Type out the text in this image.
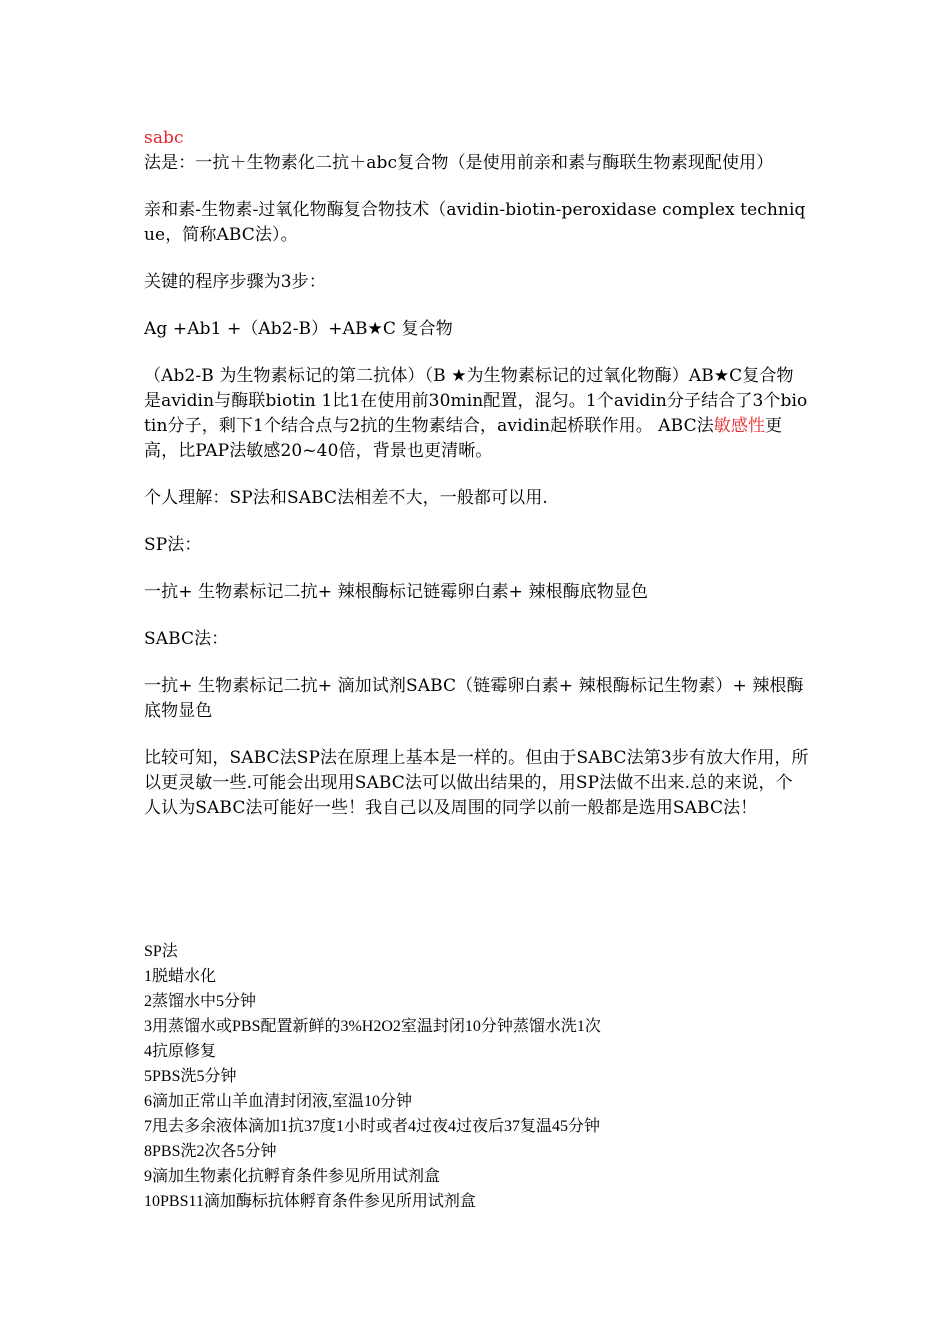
sabc法是：一抗＋生物素化二抗＋abc复合物（是使用前亲和素与酶联生物素现配使用）

亲和素-生物素-过氧化物酶复合物技术（avidin-biotin-peroxidase complex technique，简称ABC法）。

关键的程序步骤为3步：

Ag +Ab1 +（Ab2-B）+AB★C 复合物

（Ab2-B 为生物素标记的第二抗体）（B ★为生物素标记的过氧化物酶）AB★C复合物是avidin与酶联biotin 1比1在使用前30min配置，混匀。1个avidin分子结合了3个biotin分子，剩下1个结合点与2抗的生物素结合，avidin起桥联作用。 ABC法敏感性更高，比PAP法敏感20~40倍，背景也更清晰。

个人理解：SP法和SABC法相差不大，一般都可以用.

SP法：

一抗+ 生物素标记二抗+ 辣根酶标记链霉卵白素+ 辣根酶底物显色

SABC法：

一抗+ 生物素标记二抗+ 滴加试剂SABC（链霉卵白素+ 辣根酶标记生物素）+ 辣根酶底物显色

比较可知，SABC法SP法在原理上基本是一样的。但由于SABC法第3步有放大作用，所以更灵敏一些.可能会出现用SABC法可以做出结果的，用SP法做不出来.总的来说，个人认为SABC法可能好一些！我自己以及周围的同学以前一般都是选用SABC法！

SP法
1脱蜡水化
2蒸馏水中5分钟
3用蒸馏水或PBS配置新鲜的3%H2O2室温封闭10分钟蒸馏水洗1次
4抗原修复
5PBS洗5分钟
6滴加正常山羊血清封闭液,室温10分钟
7甩去多余液体滴加1抗37度1小时或者4过夜4过夜后37复温45分钟
8PBS洗2次各5分钟
9滴加生物素化抗孵育条件参见所用试剂盒
10PBS11滴加酶标抗体孵育条件参见所用试剂盒
